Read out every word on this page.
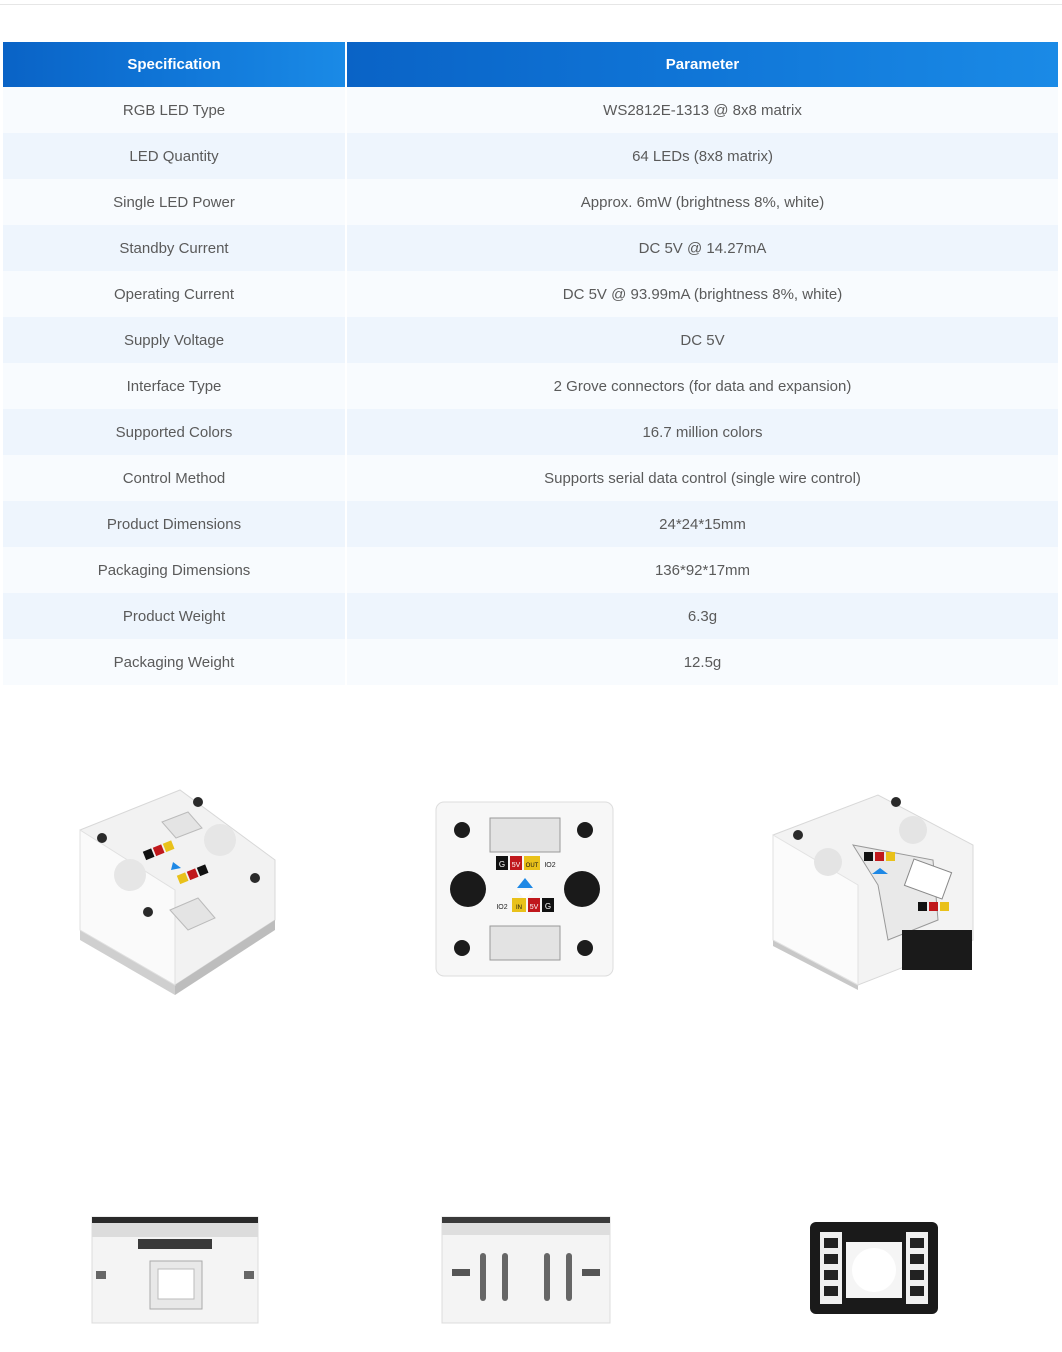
Specification	Parameter
RGB LED Type	WS2812E-1313 @ 8x8 matrix
LED Quantity	64 LEDs (8x8 matrix)
Single LED Power	Approx. 6mW (brightness 8%, white)
Standby Current	DC 5V @ 14.27mA
Operating Current	DC 5V @ 93.99mA (brightness 8%, white)
Supply Voltage	DC 5V
Interface Type	2 Grove connectors (for data and expansion)
Supported Colors	16.7 million colors
Control Method	Supports serial data control (single wire control)
Product Dimensions	24*24*15mm
Packaging Dimensions	136*92*17mm
Product Weight	6.3g
Packaging Weight	12.5g
G 5V OUT IO2
IO2 IN 5V G
